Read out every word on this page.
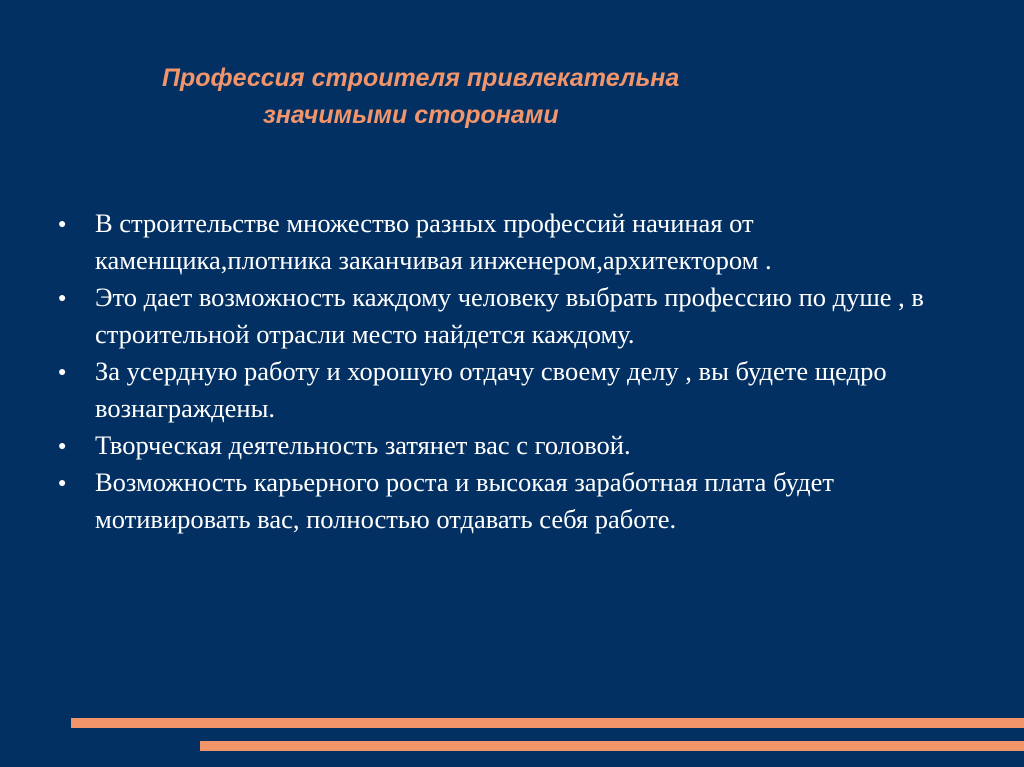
Профессия строителя привлекательна
значимыми сторонами
● В строительстве множество разных профессий начиная от каменщика,плотника заканчивая инженером,архитектором .
● Это дает возможность каждому человеку выбрать профессию по душе , в строительной отрасли место найдется каждому.
● За усердную работу и хорошую отдачу своему делу , вы будете щедро вознаграждены.
● Творческая деятельность затянет вас с головой.
● Возможность карьерного роста и высокая заработная плата будет мотивировать вас, полностью отдавать себя работе.
